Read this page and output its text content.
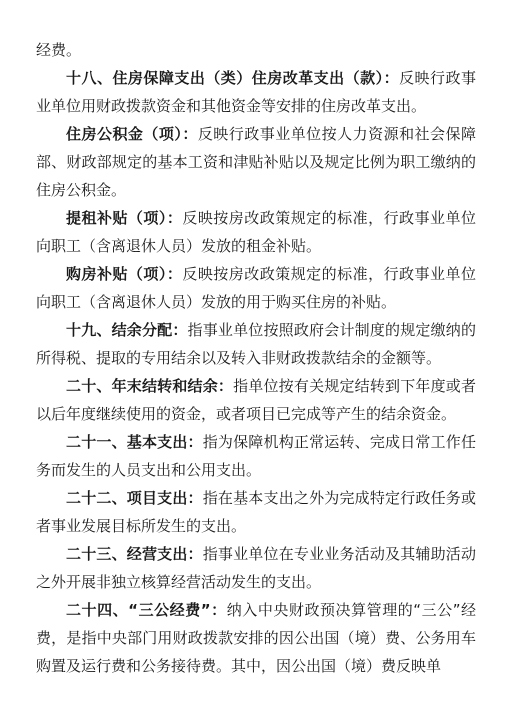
经费。

十八、住房保障支出（类）住房改革支出（款）：反映行政事业单位用财政拨款资金和其他资金等安排的住房改革支出。

住房公积金（项）：反映行政事业单位按人力资源和社会保障部、财政部规定的基本工资和津贴补贴以及规定比例为职工缴纳的住房公积金。

提租补贴（项）：反映按房改政策规定的标准，行政事业单位向职工（含离退休人员）发放的租金补贴。

购房补贴（项）：反映按房改政策规定的标准，行政事业单位向职工（含离退休人员）发放的用于购买住房的补贴。

十九、结余分配：指事业单位按照政府会计制度的规定缴纳的所得税、提取的专用结余以及转入非财政拨款结余的金额等。

二十、年末结转和结余：指单位按有关规定结转到下年度或者以后年度继续使用的资金，或者项目已完成等产生的结余资金。

二十一、基本支出：指为保障机构正常运转、完成日常工作任务而发生的人员支出和公用支出。

二十二、项目支出：指在基本支出之外为完成特定行政任务或者事业发展目标所发生的支出。

二十三、经营支出：指事业单位在专业业务活动及其辅助活动之外开展非独立核算经营活动发生的支出。

二十四、“三公经费”：纳入中央财政预决算管理的“三公”经费，是指中央部门用财政拨款安排的因公出国（境）费、公务用车购置及运行费和公务接待费。其中，因公出国（境）费反映单
